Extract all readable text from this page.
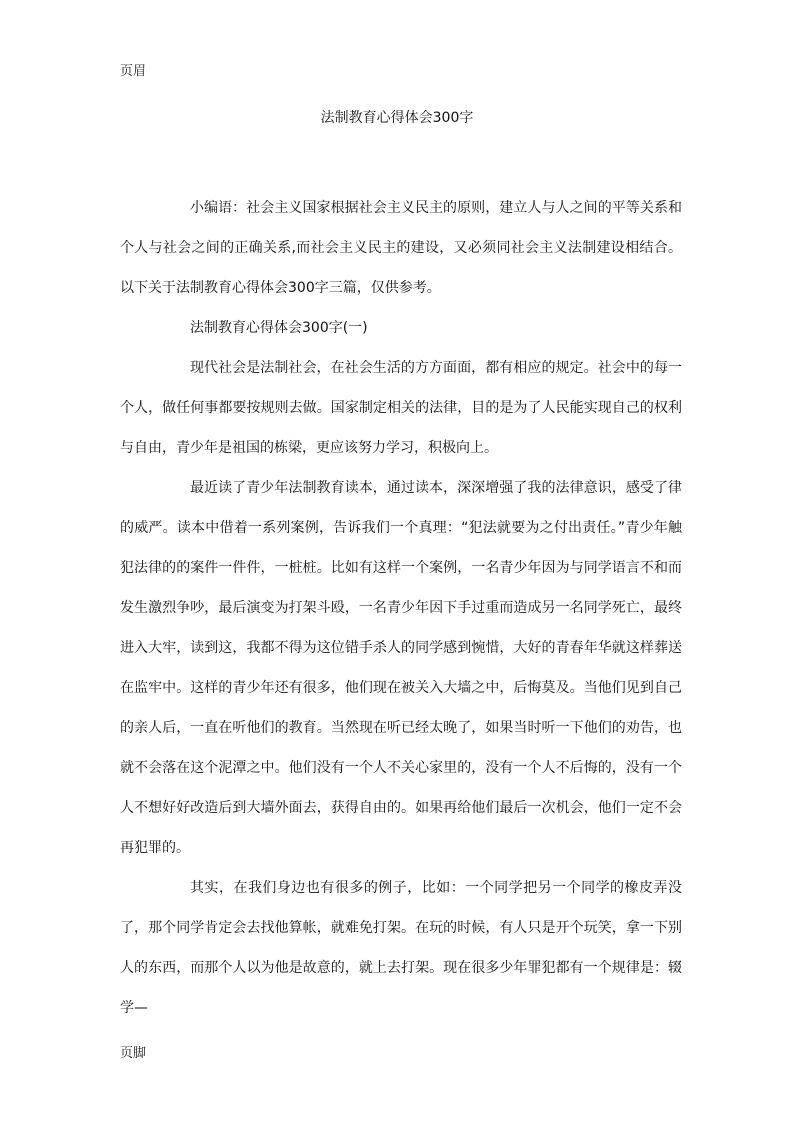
页眉
法制教育心得体会300字

小编语：社会主义国家根据社会主义民主的原则，建立人与人之间的平等关系和个人与社会之间的正确关系,而社会主义民主的建设，又必须同社会主义法制建设相结合。以下关于法制教育心得体会300字三篇，仅供参考。

法制教育心得体会300字(一)

现代社会是法制社会，在社会生活的方方面面，都有相应的规定。社会中的每一个人，做任何事都要按规则去做。国家制定相关的法律，目的是为了人民能实现自己的权利与自由，青少年是祖国的栋梁，更应该努力学习，积极向上。

最近读了青少年法制教育读本，通过读本，深深增强了我的法律意识，感受了律的威严。读本中借着一系列案例，告诉我们一个真理：“犯法就要为之付出责任。”青少年触犯法律的的案件一件件，一桩桩。比如有这样一个案例，一名青少年因为与同学语言不和而发生激烈争吵，最后演变为打架斗殴，一名青少年因下手过重而造成另一名同学死亡，最终进入大牢，读到这，我都不得为这位错手杀人的同学感到惋惜，大好的青春年华就这样葬送在监牢中。这样的青少年还有很多，他们现在被关入大墙之中，后悔莫及。当他们见到自己的亲人后，一直在听他们的教育。当然现在听已经太晚了，如果当时听一下他们的劝告，也就不会落在这个泥潭之中。他们没有一个人不关心家里的，没有一个人不后悔的，没有一个人不想好好改造后到大墙外面去，获得自由的。如果再给他们最后一次机会，他们一定不会再犯罪的。

其实，在我们身边也有很多的例子，比如：一个同学把另一个同学的橡皮弄没了，那个同学肯定会去找他算帐，就难免打架。在玩的时候，有人只是开个玩笑，拿一下别人的东西，而那个人以为他是故意的，就上去打架。现在很多少年罪犯都有一个规律是：辍学—

页脚
